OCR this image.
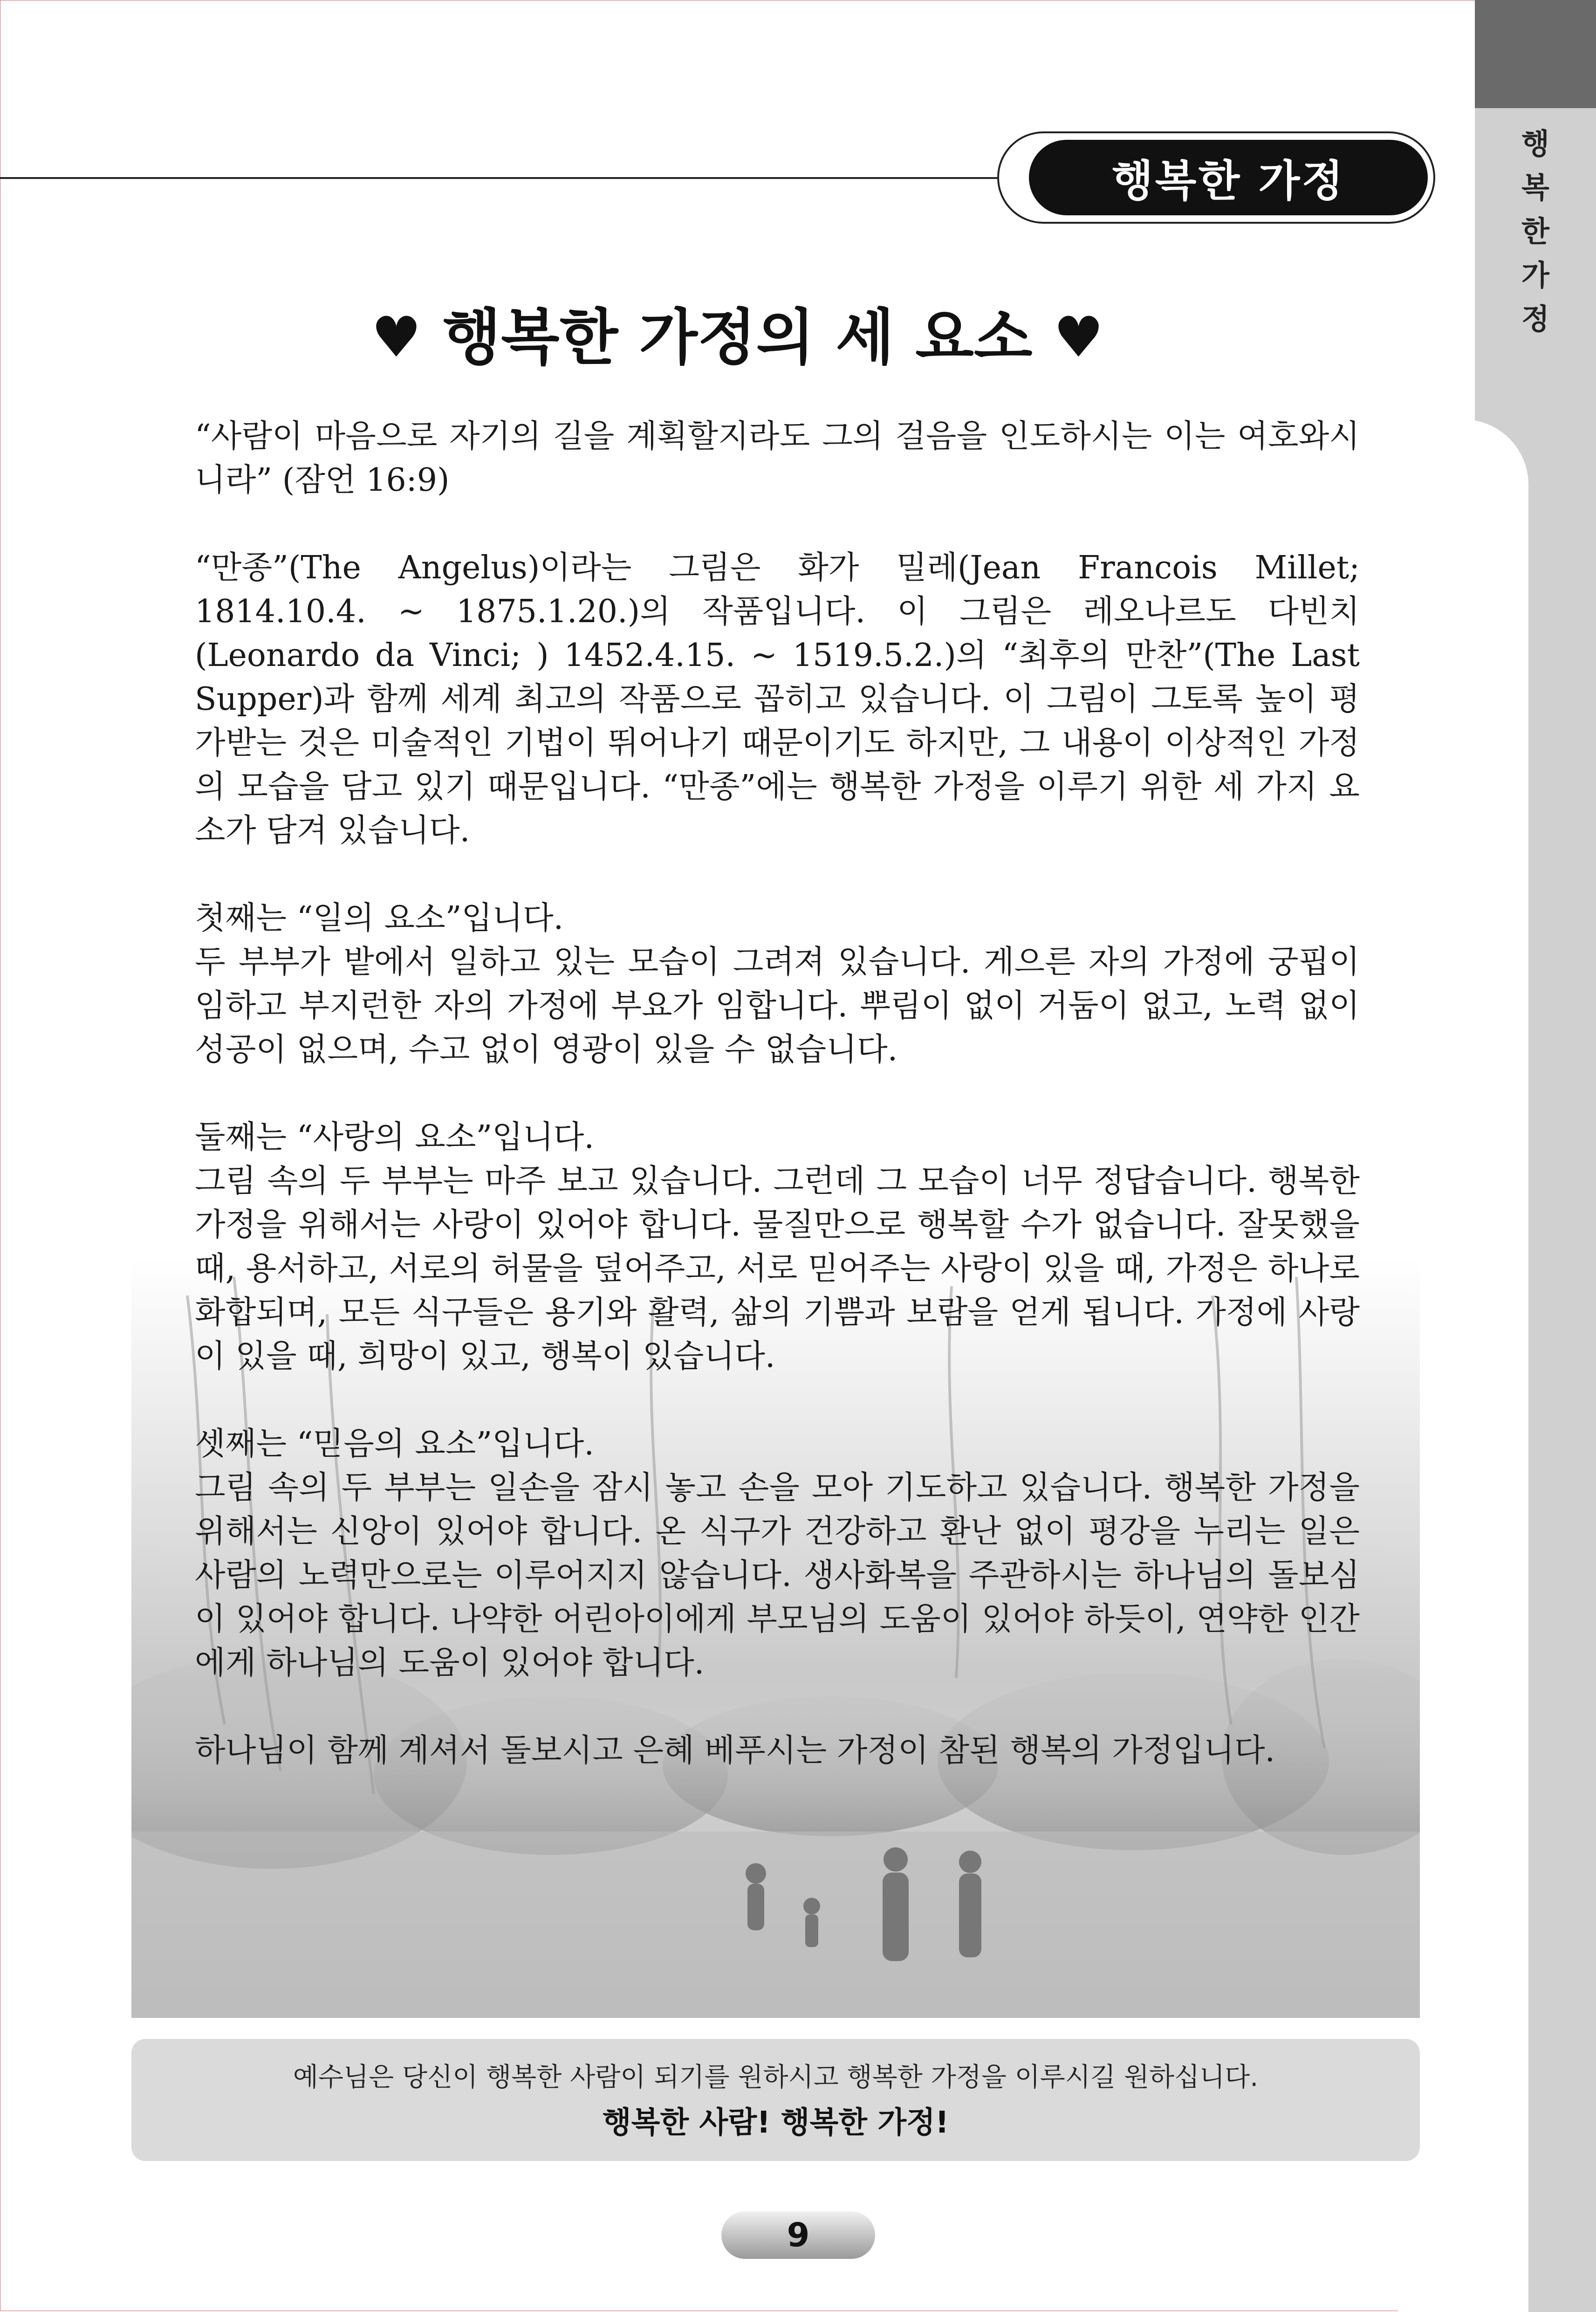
행
복
한
가
정
행복한 가정
♥ 행복한 가정의 세 요소 ♥

“사람이 마음으로 자기의 길을 계획할지라도 그의 걸음을 인도하시는 이는 여호와시니라” (잠언 16:9)

“만종”(The Angelus)이라는 그림은 화가 밀레(Jean Francois Millet; 1814.10.4. ~ 1875.1.20.)의 작품입니다. 이 그림은 레오나르도 다빈치(Leonardo da Vinci; ) 1452.4.15. ~ 1519.5.2.)의 “최후의 만찬”(The Last Supper)과 함께 세계 최고의 작품으로 꼽히고 있습니다. 이 그림이 그토록 높이 평가받는 것은 미술적인 기법이 뛰어나기 때문이기도 하지만, 그 내용이 이상적인 가정의 모습을 담고 있기 때문입니다. “만종”에는 행복한 가정을 이루기 위한 세 가지 요소가 담겨 있습니다.

첫째는 “일의 요소”입니다.

두 부부가 밭에서 일하고 있는 모습이 그려져 있습니다. 게으른 자의 가정에 궁핍이 임하고 부지런한 자의 가정에 부요가 임합니다. 뿌림이 없이 거둠이 없고, 노력 없이 성공이 없으며, 수고 없이 영광이 있을 수 없습니다.

둘째는 “사랑의 요소”입니다.

그림 속의 두 부부는 마주 보고 있습니다. 그런데 그 모습이 너무 정답습니다. 행복한 가정을 위해서는 사랑이 있어야 합니다. 물질만으로 행복할 수가 없습니다. 잘못했을 때, 용서하고, 서로의 허물을 덮어주고, 서로 믿어주는 사랑이 있을 때, 가정은 하나로 화합되며, 모든 식구들은 용기와 활력, 삶의 기쁨과 보람을 얻게 됩니다. 가정에 사랑이 있을 때, 희망이 있고, 행복이 있습니다.

셋째는 “믿음의 요소”입니다.

그림 속의 두 부부는 일손을 잠시 놓고 손을 모아 기도하고 있습니다. 행복한 가정을 위해서는 신앙이 있어야 합니다. 온 식구가 건강하고 환난 없이 평강을 누리는 일은 사람의 노력만으로는 이루어지지 않습니다. 생사화복을 주관하시는 하나님의 돌보심이 있어야 합니다. 나약한 어린아이에게 부모님의 도움이 있어야 하듯이, 연약한 인간에게 하나님의 도움이 있어야 합니다.

하나님이 함께 계셔서 돌보시고 은혜 베푸시는 가정이 참된 행복의 가정입니다.

예수님은 당신이 행복한 사람이 되기를 원하시고 행복한 가정을 이루시길 원하십니다.
행복한 사람! 행복한 가정!
9
